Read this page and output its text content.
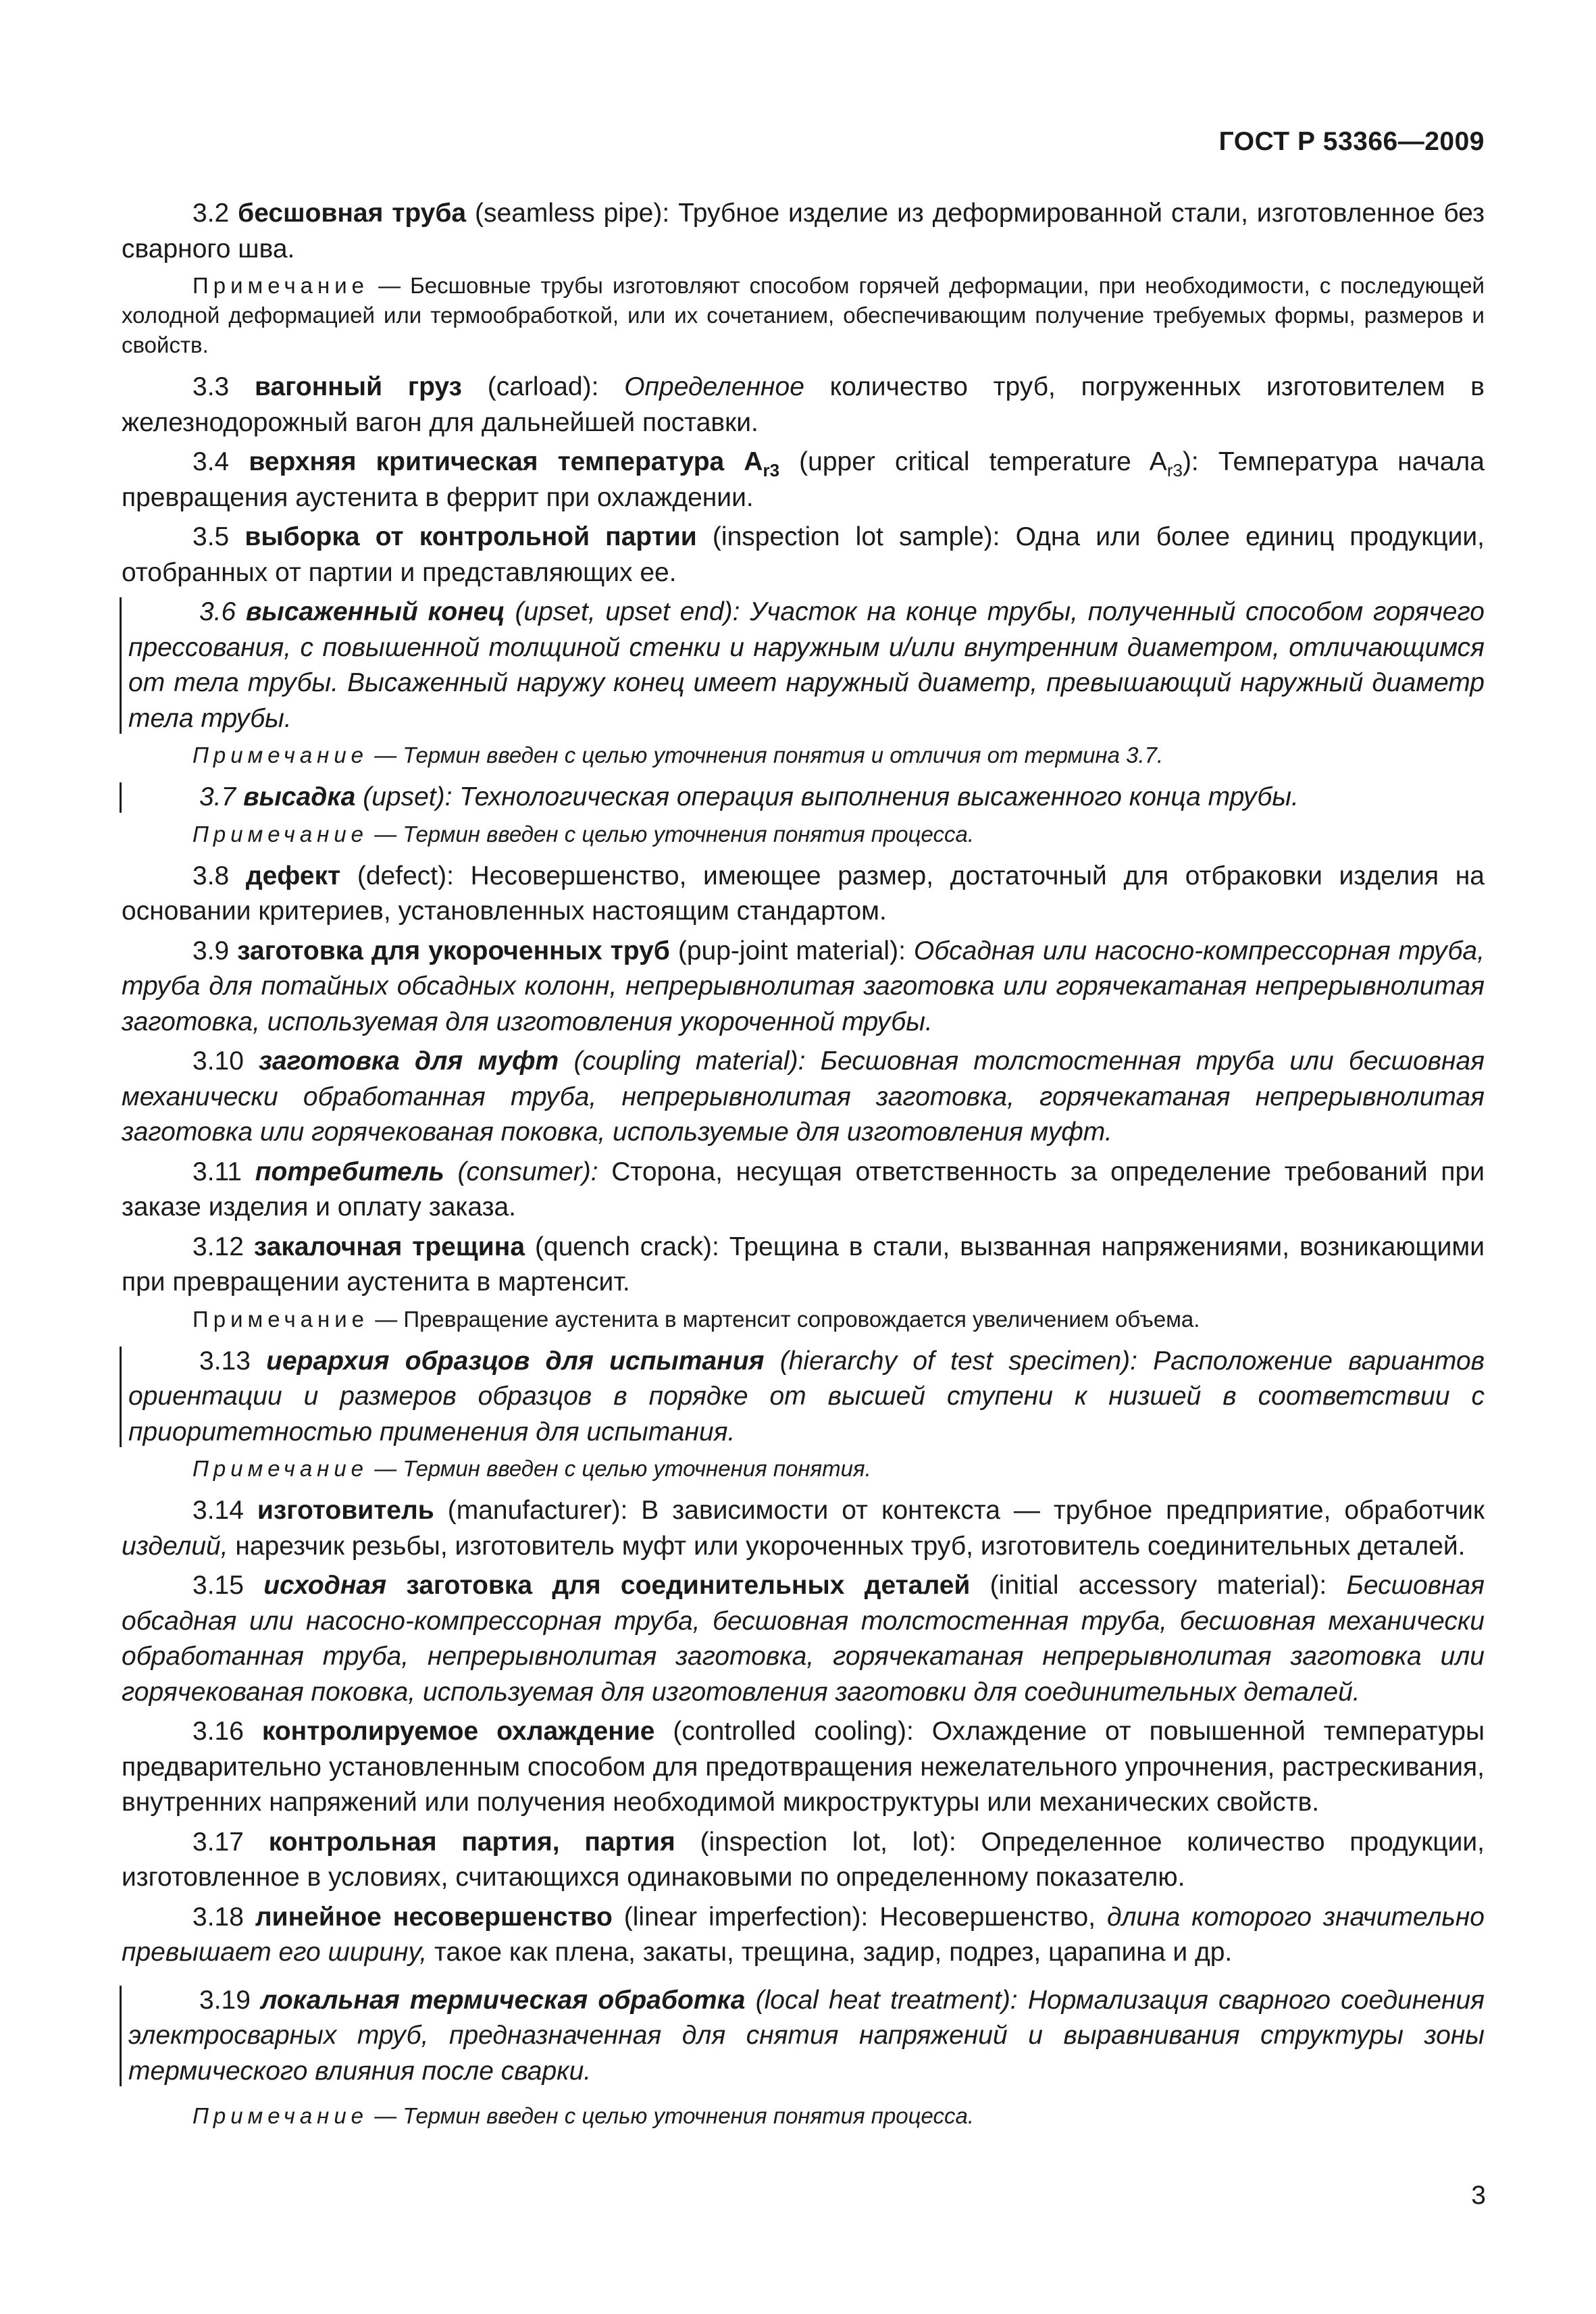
ГОСТ Р 53366—2009

3.2 бесшовная труба (seamless pipe): Трубное изделие из деформированной стали, изготовленное без сварного шва.

Примечание — Бесшовные трубы изготовляют способом горячей деформации, при необходимости, с последующей холодной деформацией или термообработкой, или их сочетанием, обеспечивающим получение требуемых формы, размеров и свойств.

3.3 вагонный груз (carload): Определенное количество труб, погруженных изготовителем в железнодорожный вагон для дальнейшей поставки.

3.4 верхняя критическая температура $A_{r3}$ (upper critical temperature $A_{r3}$): Температура начала превращения аустенита в феррит при охлаждении.

3.5 выборка от контрольной партии (inspection lot sample): Одна или более единиц продукции, отобранных от партии и представляющих ее.

3.6 высаженный конец (upset, upset end): Участок на конце трубы, полученный способом горячего прессования, с повышенной толщиной стенки и наружным и/или внутренним диаметром, отличающимся от тела трубы. Высаженный наружу конец имеет наружный диаметр, превышающий наружный диаметр тела трубы.

Примечание — Термин введен с целью уточнения понятия и отличия от термина 3.7.

3.7 высадка (upset): Технологическая операция выполнения высаженного конца трубы.

Примечание — Термин введен с целью уточнения понятия процесса.

3.8 дефект (defect): Несовершенство, имеющее размер, достаточный для отбраковки изделия на основании критериев, установленных настоящим стандартом.

3.9 заготовка для укороченных труб (pup-joint material): Обсадная или насосно-компрессорная труба, труба для потайных обсадных колонн, непрерывнолитая заготовка или горячекатаная непрерывнолитая заготовка, используемая для изготовления укороченной трубы.

3.10 заготовка для муфт (coupling material): Бесшовная толстостенная труба или бесшовная механически обработанная труба, непрерывнолитая заготовка, горячекатаная непрерывнолитая заготовка или горячекованая поковка, используемые для изготовления муфт.

3.11 потребитель (consumer): Сторона, несущая ответственность за определение требований при заказе изделия и оплату заказа.

3.12 закалочная трещина (quench crack): Трещина в стали, вызванная напряжениями, возникающими при превращении аустенита в мартенсит.

Примечание — Превращение аустенита в мартенсит сопровождается увеличением объема.

3.13 иерархия образцов для испытания (hierarchy of test specimen): Расположение вариантов ориентации и размеров образцов в порядке от высшей ступени к низшей в соответствии с приоритетностью применения для испытания.

Примечание — Термин введен с целью уточнения понятия.

3.14 изготовитель (manufacturer): В зависимости от контекста — трубное предприятие, обработчик изделий, нарезчик резьбы, изготовитель муфт или укороченных труб, изготовитель соединительных деталей.

3.15 исходная заготовка для соединительных деталей (initial accessory material): Бесшовная обсадная или насосно-компрессорная труба, бесшовная толстостенная труба, бесшовная механически обработанная труба, непрерывнолитая заготовка, горячекатаная непрерывнолитая заготовка или горячекованая поковка, используемая для изготовления заготовки для соединительных деталей.

3.16 контролируемое охлаждение (controlled cooling): Охлаждение от повышенной температуры предварительно установленным способом для предотвращения нежелательного упрочнения, растрескивания, внутренних напряжений или получения необходимой микроструктуры или механических свойств.

3.17 контрольная партия, партия (inspection lot, lot): Определенное количество продукции, изготовленное в условиях, считающихся одинаковыми по определенному показателю.

3.18 линейное несовершенство (linear imperfection): Несовершенство, длина которого значительно превышает его ширину, такое как плена, закаты, трещина, задир, подрез, царапина и др.

3.19 локальная термическая обработка (local heat treatment): Нормализация сварного соединения электросварных труб, предназначенная для снятия напряжений и выравнивания структуры зоны термического влияния после сварки.

Примечание — Термин введен с целью уточнения понятия процесса.

3
